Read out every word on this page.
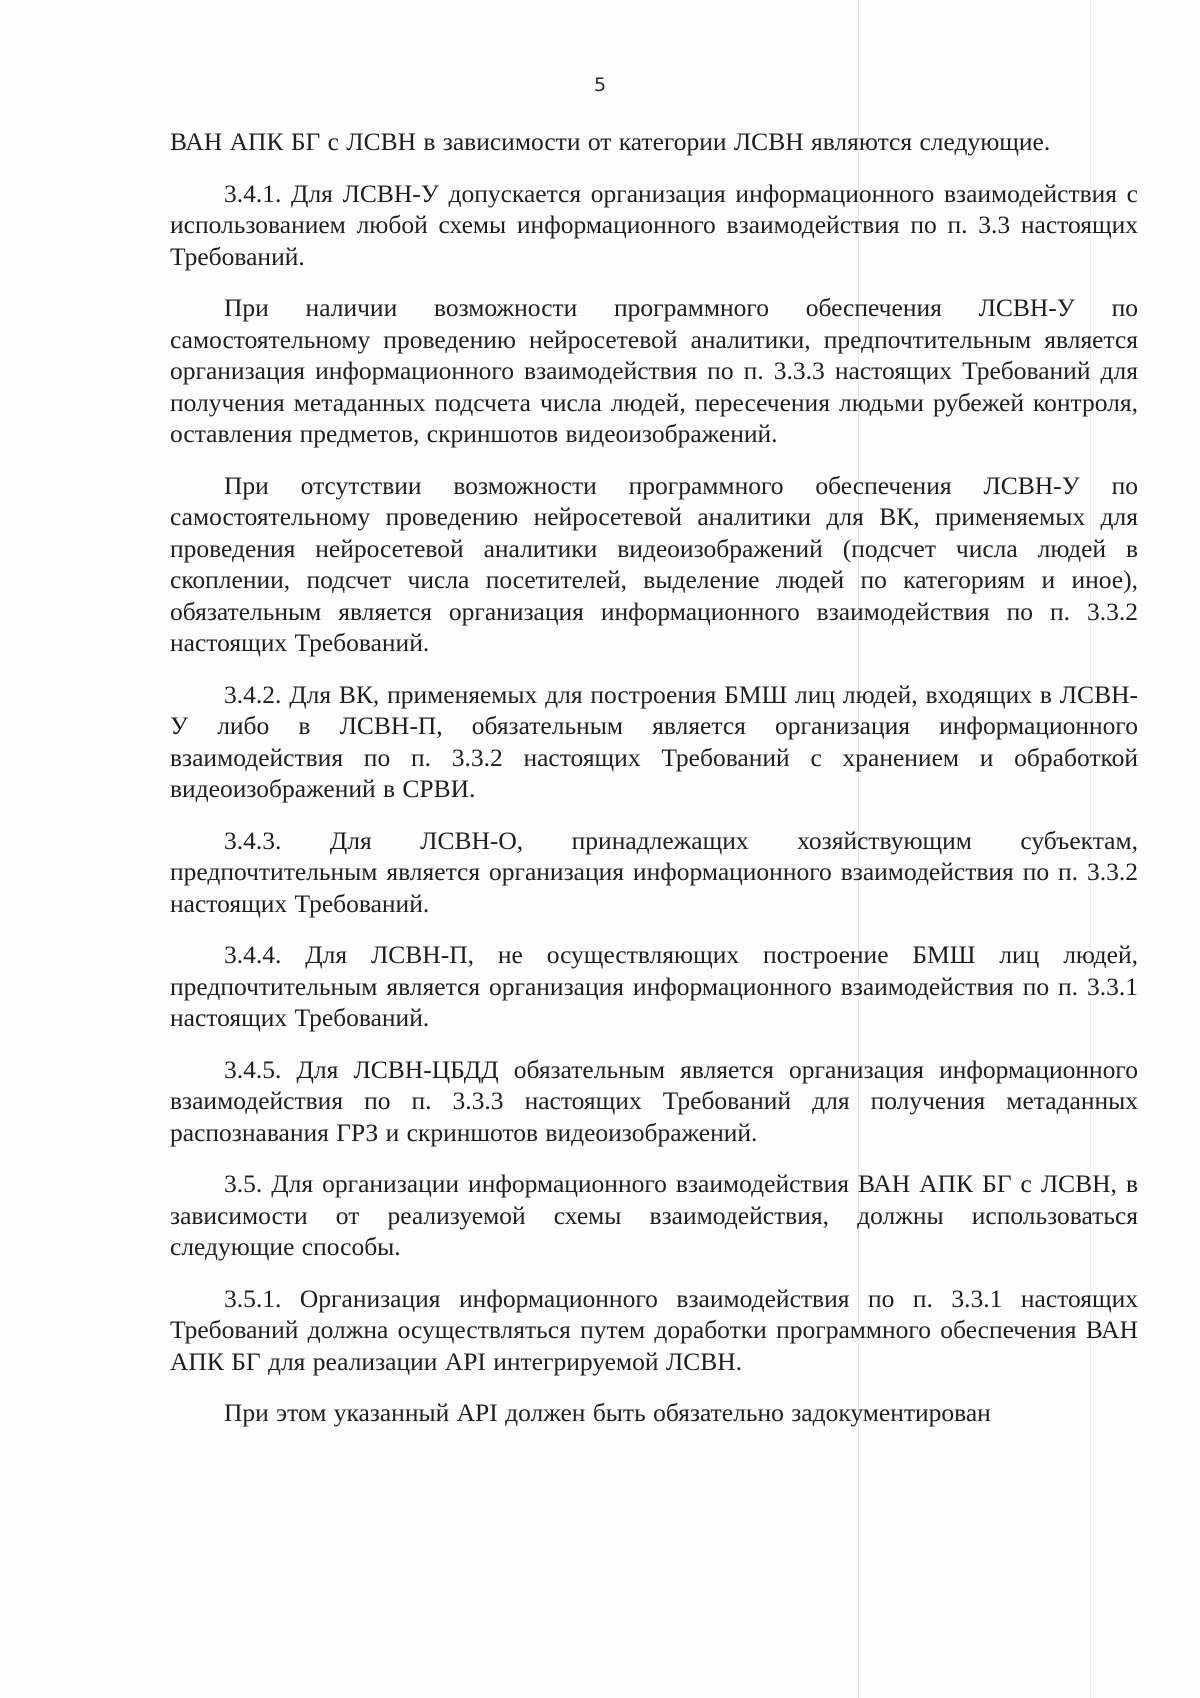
5

ВАН АПК БГ с ЛСВН в зависимости от категории ЛСВН являются следующие.

3.4.1. Для ЛСВН-У допускается организация информационного взаимодействия с использованием любой схемы информационного взаимодействия по п. 3.3 настоящих Требований.

При наличии возможности программного обеспечения ЛСВН-У по самостоятельному проведению нейросетевой аналитики, предпочтительным является организация информационного взаимодействия по п. 3.3.3 настоящих Требований для получения метаданных подсчета числа людей, пересечения людьми рубежей контроля, оставления предметов, скриншотов видеоизображений.

При отсутствии возможности программного обеспечения ЛСВН-У по самостоятельному проведению нейросетевой аналитики для ВК, применяемых для проведения нейросетевой аналитики видеоизображений (подсчет числа людей в скоплении, подсчет числа посетителей, выделение людей по категориям и иное), обязательным является организация информационного взаимодействия по п. 3.3.2 настоящих Требований.

3.4.2. Для ВК, применяемых для построения БМШ лиц людей, входящих в ЛСВН-У либо в ЛСВН-П, обязательным является организация информационного взаимодействия по п. 3.3.2 настоящих Требований с хранением и обработкой видеоизображений в СРВИ.

3.4.3. Для ЛСВН-О, принадлежащих хозяйствующим субъектам, предпочтительным является организация информационного взаимодействия по п. 3.3.2 настоящих Требований.

3.4.4. Для ЛСВН-П, не осуществляющих построение БМШ лиц людей, предпочтительным является организация информационного взаимодействия по п. 3.3.1 настоящих Требований.

3.4.5. Для ЛСВН-ЦБДД обязательным является организация информационного взаимодействия по п. 3.3.3 настоящих Требований для получения метаданных распознавания ГРЗ и скриншотов видеоизображений.

3.5. Для организации информационного взаимодействия ВАН АПК БГ с ЛСВН, в зависимости от реализуемой схемы взаимодействия, должны использоваться следующие способы.

3.5.1. Организация информационного взаимодействия по п. 3.3.1 настоящих Требований должна осуществляться путем доработки программного обеспечения ВАН АПК БГ для реализации API интегрируемой ЛСВН.

При этом указанный API должен быть обязательно задокументирован
